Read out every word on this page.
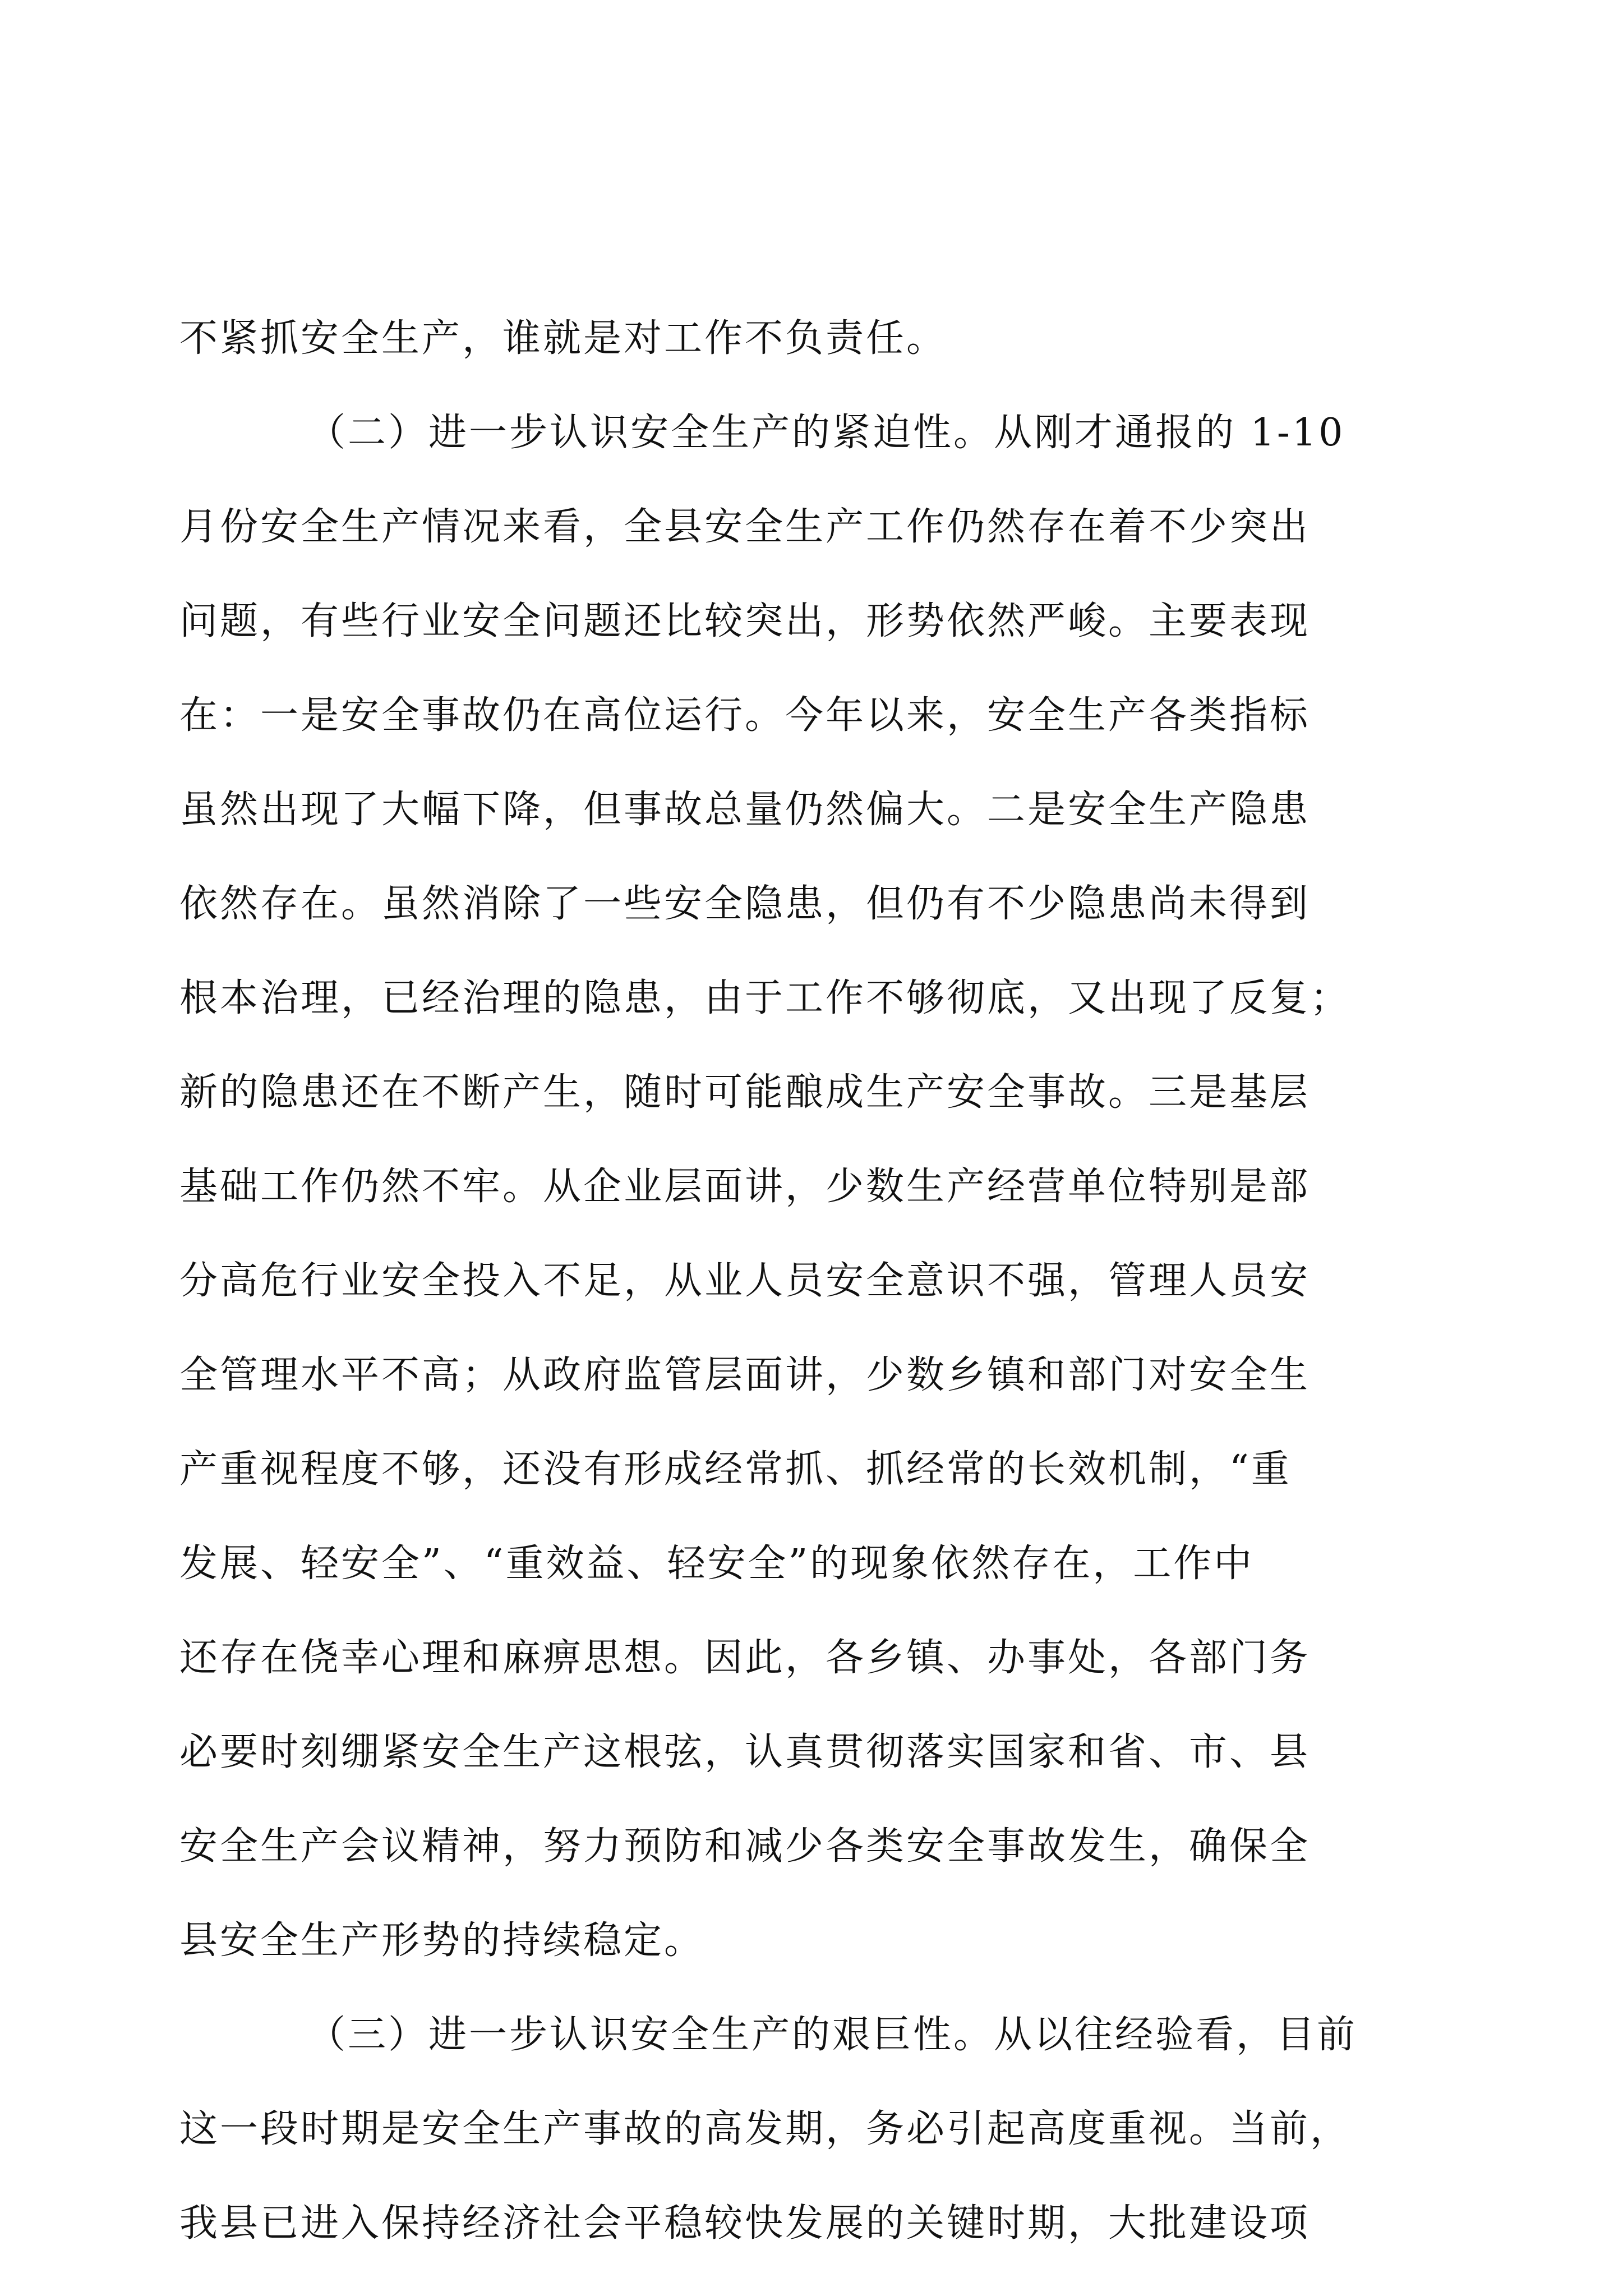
不紧抓安全生产，谁就是对工作不负责任。
（二）进一步认识安全生产的紧迫性。从刚才通报的 1-10
月份安全生产情况来看，全县安全生产工作仍然存在着不少突出
问题，有些行业安全问题还比较突出，形势依然严峻。主要表现
在：一是安全事故仍在高位运行。今年以来，安全生产各类指标
虽然出现了大幅下降，但事故总量仍然偏大。二是安全生产隐患
依然存在。虽然消除了一些安全隐患，但仍有不少隐患尚未得到
根本治理，已经治理的隐患，由于工作不够彻底，又出现了反复；
新的隐患还在不断产生，随时可能酿成生产安全事故。三是基层
基础工作仍然不牢。从企业层面讲，少数生产经营单位特别是部
分高危行业安全投入不足，从业人员安全意识不强，管理人员安
全管理水平不高；从政府监管层面讲，少数乡镇和部门对安全生
产重视程度不够，还没有形成经常抓、抓经常的长效机制，“重
发展、轻安全”、“重效益、轻安全”的现象依然存在，工作中
还存在侥幸心理和麻痹思想。因此，各乡镇、办事处，各部门务
必要时刻绷紧安全生产这根弦，认真贯彻落实国家和省、市、县
安全生产会议精神，努力预防和减少各类安全事故发生，确保全
县安全生产形势的持续稳定。
（三）进一步认识安全生产的艰巨性。从以往经验看，目前
这一段时期是安全生产事故的高发期，务必引起高度重视。当前，
我县已进入保持经济社会平稳较快发展的关键时期，大批建设项
